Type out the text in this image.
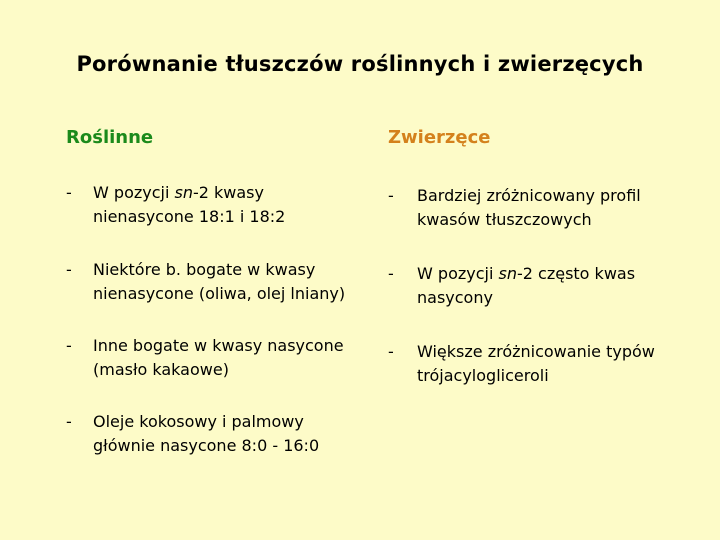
Porównanie tłuszczów roślinnych i zwierzęcych
Roślinne
- W pozycji sn-2 kwasy
nienasycone 18:1 i 18:2
- Niektóre b. bogate w kwasy
nienasycone (oliwa, olej lniany)
- Inne bogate w kwasy nasycone
(masło kakaowe)
- Oleje kokosowy i palmowy
głównie nasycone 8:0 - 16:0
Zwierzęce
- Bardziej zróżnicowany profil
kwasów tłuszczowych
- W pozycji sn-2 często kwas
nasycony
- Większe zróżnicowanie typów
trójacylogliceroli
